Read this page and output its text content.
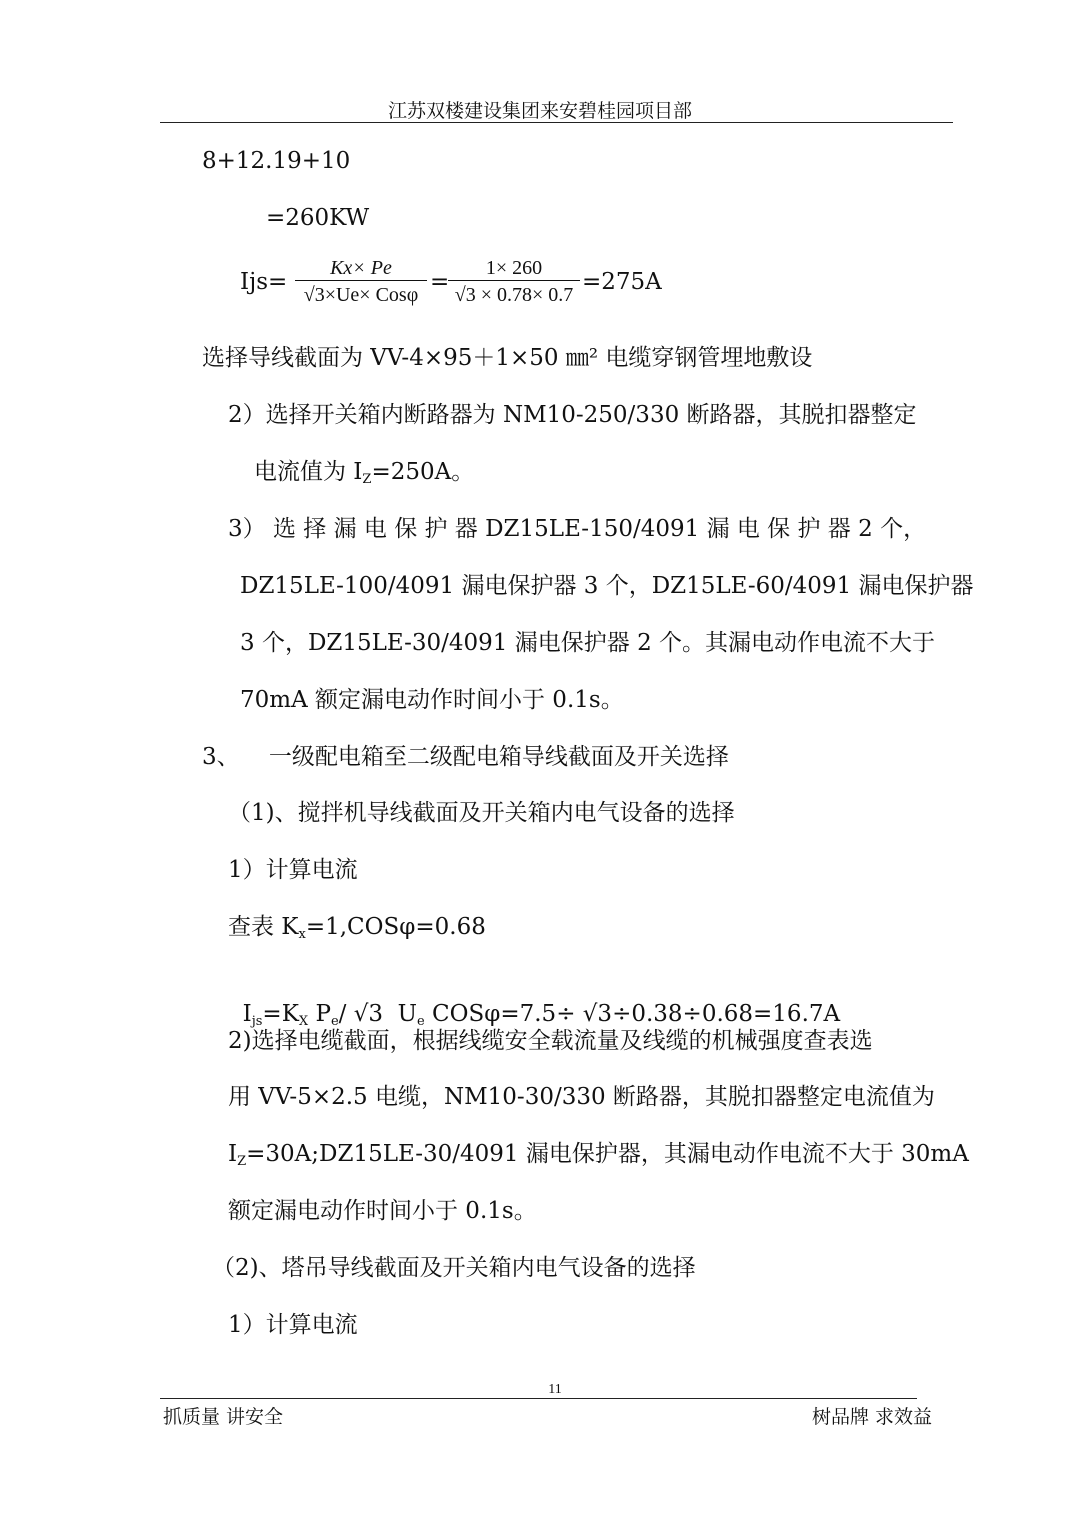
江苏双楼建设集团来安碧桂园项目部
8+12.19+10
=260KW
Ijs=
Kx× Pe
√3×Ue× Cosφ =
$\frac{1\times 260}{√3 \times 0.78\times 0.7} =275A$
选择导线截面为 VV-4×95＋1×50 ㎜² 电缆穿钢管埋地敷设
2）选择开关箱内断路器为 NM10-250/330 断路器，其脱扣器整定
电流值为 $I_Z=250A$。
3） 选 择 漏 电 保 护 器 DZ15LE-150/4091 漏 电 保 护 器 2 个，
DZ15LE-100/4091 漏电保护器 3 个，DZ15LE-60/4091 漏电保护器
3 个，DZ15LE-30/4091 漏电保护器 2 个。其漏电动作电流不大于
70mA 额定漏电动作时间小于 0.1s。
3、    一级配电箱至二级配电箱导线截面及开关选择
（1)、搅拌机导线截面及开关箱内电气设备的选择
1）计算电流
查表 $K_x=1,COS\varphi=0.68$

$I_{js}=K_X$ $P_e/$ √3  $U_e$ COSφ=7.5÷ √3÷0.38÷0.68=16.7A

2)选择电缆截面，根据线缆安全载流量及线缆的机械强度查表选
用 VV-5×2.5 电缆，NM10-30/330 断路器，其脱扣器整定电流值为
$I_Z=30A;DZ15LE-30/4091$ 漏电保护器，其漏电动作电流不大于 30mA
额定漏电动作时间小于 0.1s。
（2)、塔吊导线截面及开关箱内电气设备的选择
1）计算电流
11
抓质量 讲安全	树品牌 求效益
